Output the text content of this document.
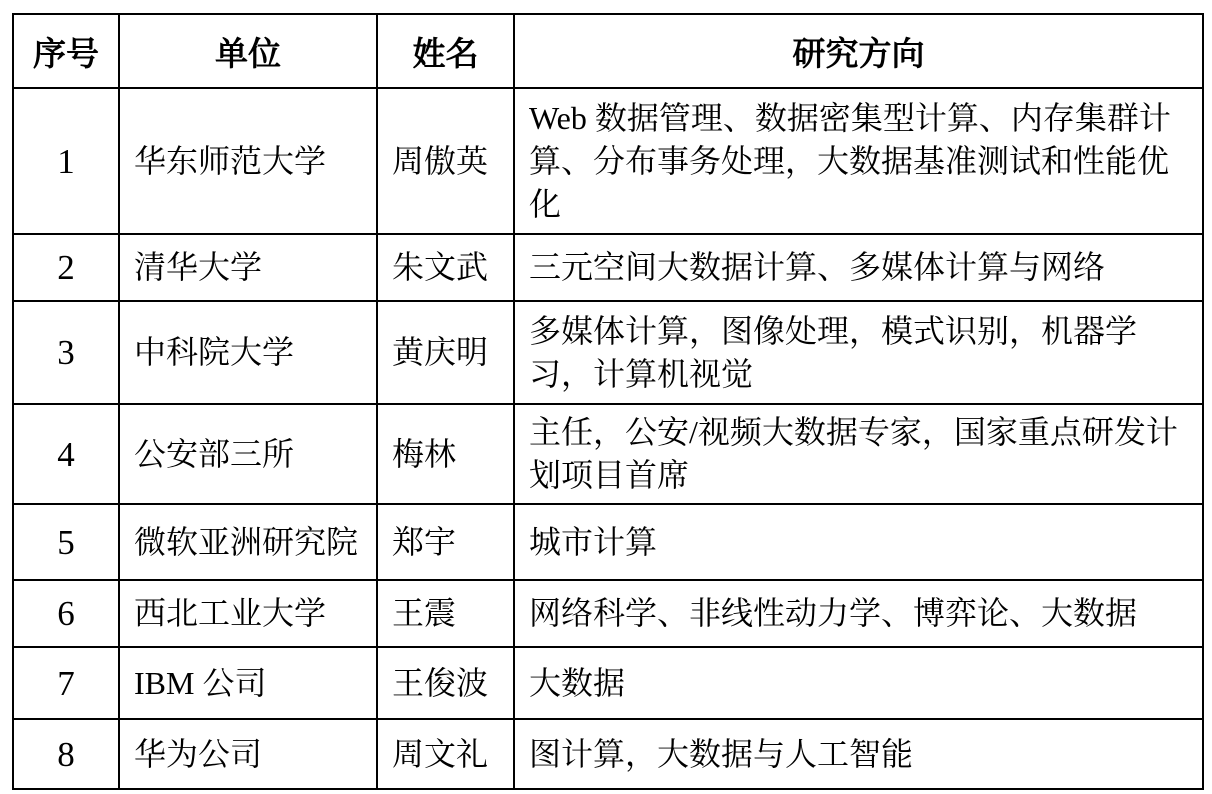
序号	单位	姓名	研究方向
1	华东师范大学	周傲英	Web 数据管理、数据密集型计算、内存集群计算、分布事务处理，大数据基准测试和性能优化
2	清华大学	朱文武	三元空间大数据计算、多媒体计算与网络
3	中科院大学	黄庆明	多媒体计算，图像处理，模式识别，机器学习，计算机视觉
4	公安部三所	梅林	主任，公安/视频大数据专家，国家重点研发计划项目首席
5	微软亚洲研究院	郑宇	城市计算
6	西北工业大学	王震	网络科学、非线性动力学、博弈论、大数据
7	IBM 公司	王俊波	大数据
8	华为公司	周文礼	图计算，大数据与人工智能
